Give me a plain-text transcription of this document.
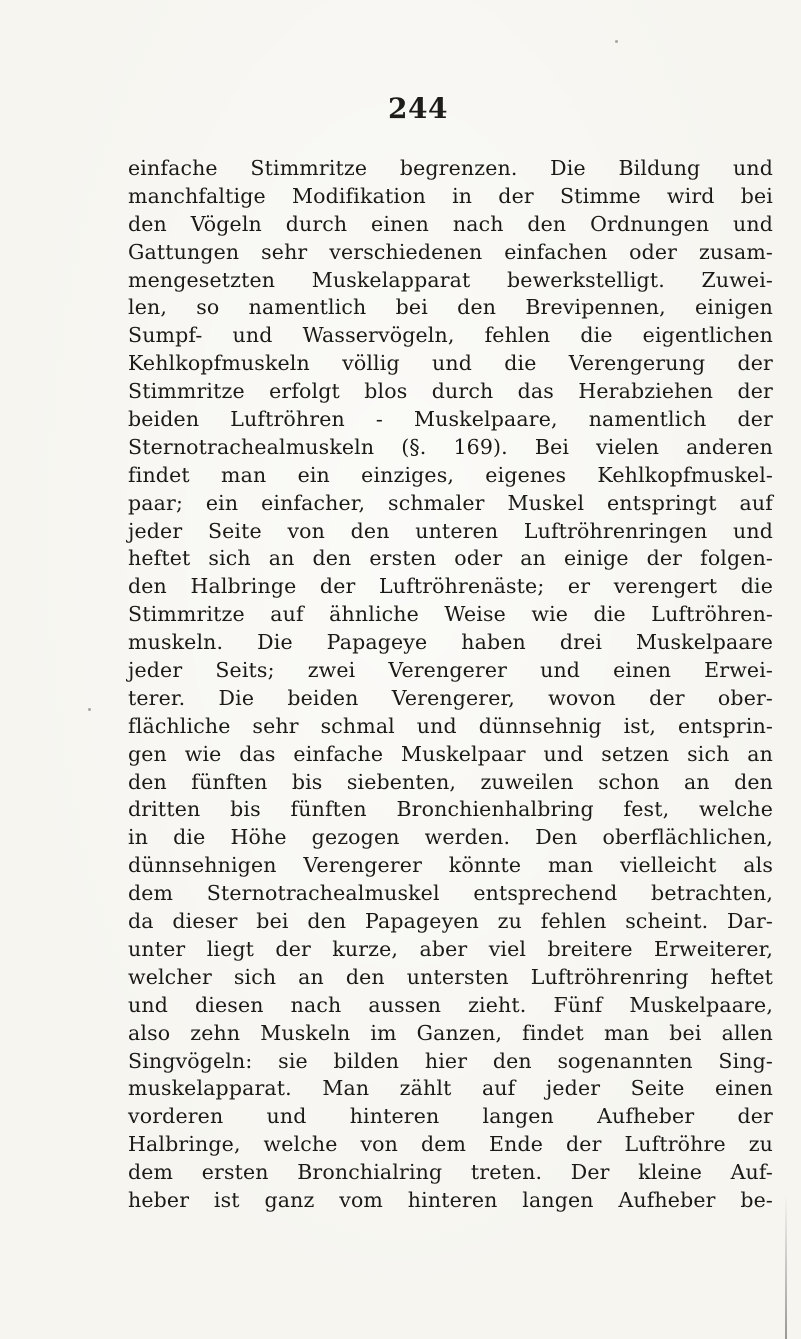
244
einfache Stimmritze begrenzen. Die Bildung und
manchfaltige Modifikation in der Stimme wird bei
den Vögeln durch einen nach den Ordnungen und
Gattungen sehr verschiedenen einfachen oder zusam-
mengesetzten Muskelapparat bewerkstelligt. Zuwei-
len, so namentlich bei den Brevipennen, einigen
Sumpf- und Wasservögeln, fehlen die eigentlichen
Kehlkopfmuskeln völlig und die Verengerung der
Stimmritze erfolgt blos durch das Herabziehen der
beiden Luftröhren - Muskelpaare, namentlich der
Sternotrachealmuskeln (§. 169). Bei vielen anderen
findet man ein einziges, eigenes Kehlkopfmuskel-
paar; ein einfacher, schmaler Muskel entspringt auf
jeder Seite von den unteren Luftröhrenringen und
heftet sich an den ersten oder an einige der folgen-
den Halbringe der Luftröhrenäste; er verengert die
Stimmritze auf ähnliche Weise wie die Luftröhren-
muskeln. Die Papageye haben drei Muskelpaare
jeder Seits; zwei Verengerer und einen Erwei-
terer. Die beiden Verengerer, wovon der ober-
flächliche sehr schmal und dünnsehnig ist, entsprin-
gen wie das einfache Muskelpaar und setzen sich an
den fünften bis siebenten, zuweilen schon an den
dritten bis fünften Bronchienhalbring fest, welche
in die Höhe gezogen werden. Den oberflächlichen,
dünnsehnigen Verengerer könnte man vielleicht als
dem Sternotrachealmuskel entsprechend betrachten,
da dieser bei den Papageyen zu fehlen scheint. Dar-
unter liegt der kurze, aber viel breitere Erweiterer,
welcher sich an den untersten Luftröhrenring heftet
und diesen nach aussen zieht. Fünf Muskelpaare,
also zehn Muskeln im Ganzen, findet man bei allen
Singvögeln: sie bilden hier den sogenannten Sing-
muskelapparat. Man zählt auf jeder Seite einen
vorderen und hinteren langen Aufheber der
Halbringe, welche von dem Ende der Luftröhre zu
dem ersten Bronchialring treten. Der kleine Auf-
heber ist ganz vom hinteren langen Aufheber be-
